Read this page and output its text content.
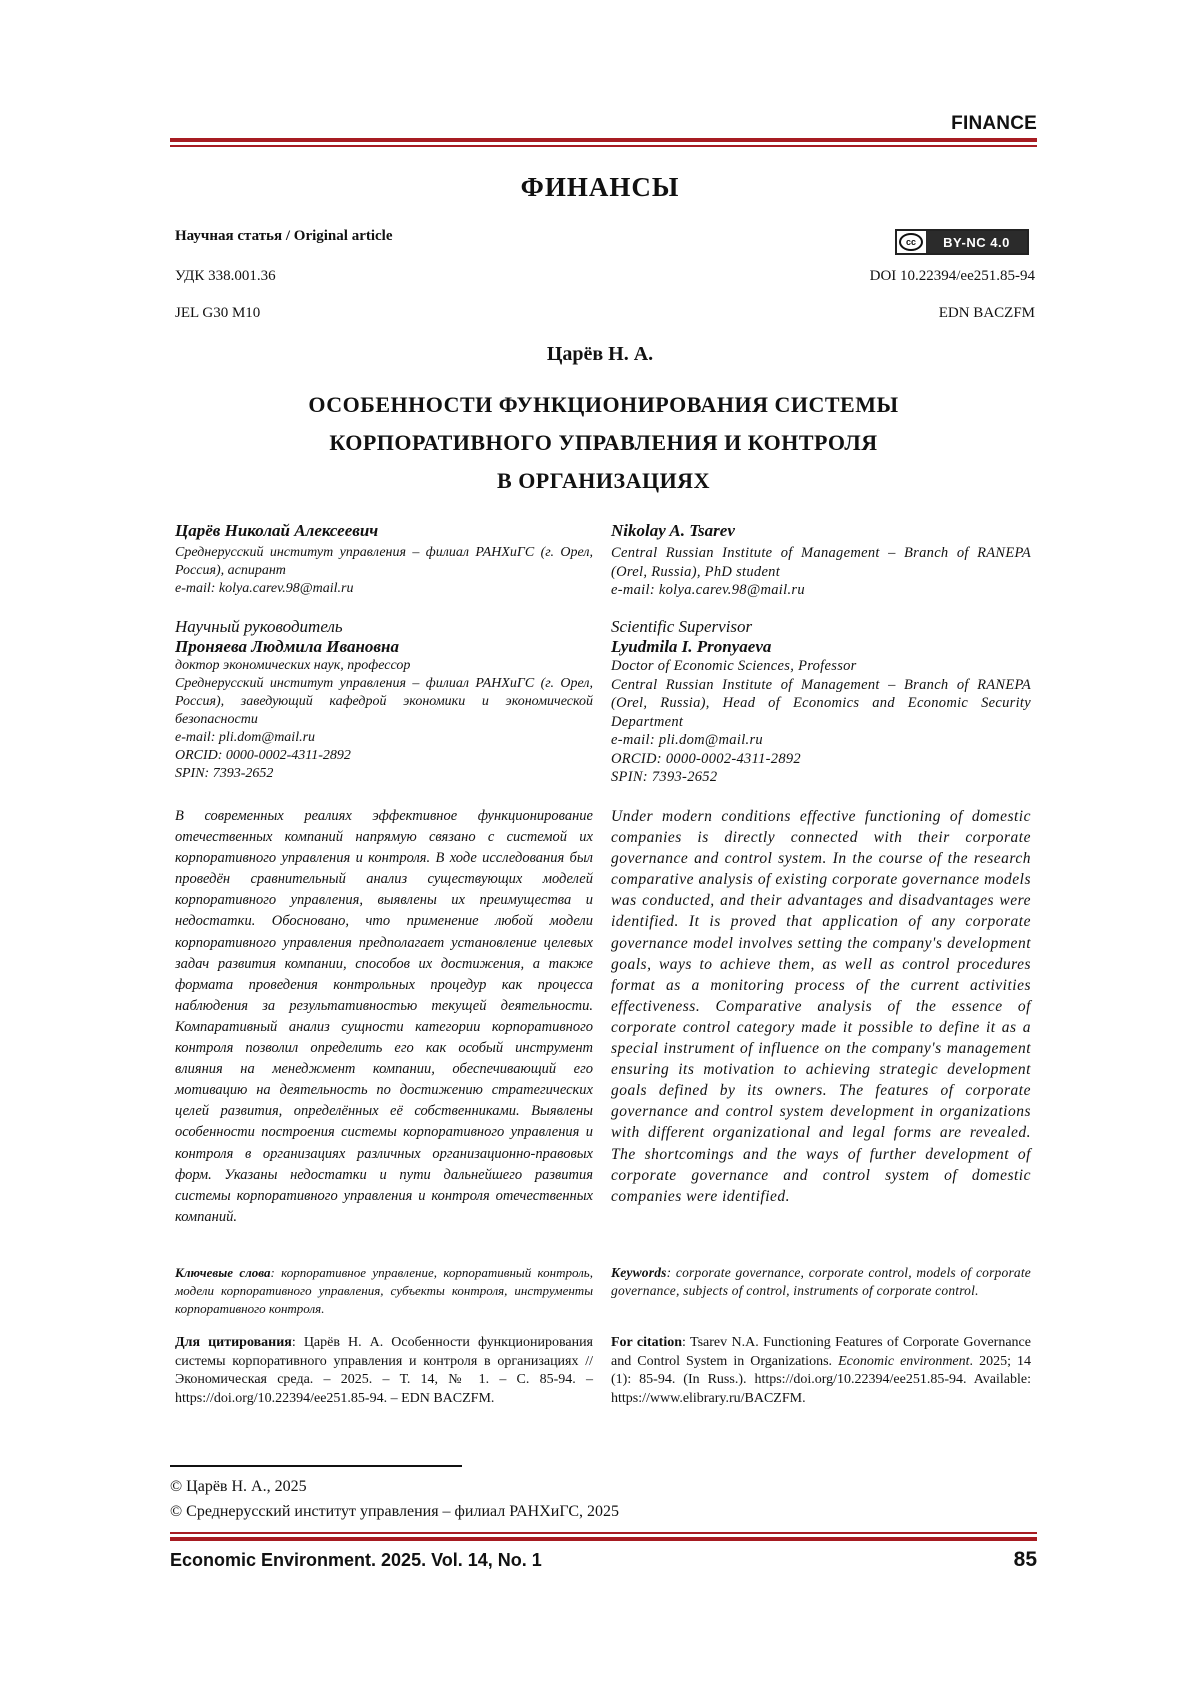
FINANCE
ФИНАНСЫ
Научная статья / Original article	cc	BY-NC 4.0
УДК 338.001.36	DOI 10.22394/ee251.85-94
JEL G30 M10	EDN BACZFM
Царёв Н. А.
ОСОБЕННОСТИ ФУНКЦИОНИРОВАНИЯ СИСТЕМЫ
КОРПОРАТИВНОГО УПРАВЛЕНИЯ И КОНТРОЛЯ
В ОРГАНИЗАЦИЯХ
Царёв Николай Алексеевич
Среднерусский институт управления – филиал РАНХиГС (г. Орел, Россия), аспирант
e-mail: kolya.carev.98@mail.ru
Nikolay A. Tsarev
Central Russian Institute of Management – Branch of RANEPA (Orel, Russia), PhD student
e-mail: kolya.carev.98@mail.ru
Научный руководитель
Проняева Людмила Ивановна
доктор экономических наук, профессор
Среднерусский институт управления – филиал РАНХиГС (г. Орел, Россия), заведующий кафедрой экономики и экономической безопасности
e-mail: pli.dom@mail.ru
ORCID: 0000-0002-4311-2892
SPIN: 7393-2652
Scientific Supervisor
Lyudmila I. Pronyaeva
Doctor of Economic Sciences, Professor
Central Russian Institute of Management – Branch of RANEPA (Orel, Russia), Head of Economics and Economic Security Department
e-mail: pli.dom@mail.ru
ORCID: 0000-0002-4311-2892
SPIN: 7393-2652
В современных реалиях эффективное функционирование отечественных компаний напрямую связано с системой их корпоративного управления и контроля. В ходе исследования был проведён сравнительный анализ существующих моделей корпоративного управления, выявлены их преимущества и недостатки. Обосновано, что применение любой модели корпоративного управления предполагает установление целевых задач развития компании, способов их достижения, а также формата проведения контрольных процедур как процесса наблюдения за результативностью текущей деятельности. Компаративный анализ сущности категории корпоративного контроля позволил определить его как особый инструмент влияния на менеджмент компании, обеспечивающий его мотивацию на деятельность по достижению стратегических целей развития, определённых её собственниками. Выявлены особенности построения системы корпоративного управления и контроля в организациях различных организационно-правовых форм. Указаны недостатки и пути дальнейшего развития системы корпоративного управления и контроля отечественных компаний.
Under modern conditions effective functioning of domestic companies is directly connected with their corporate governance and control system. In the course of the research comparative analysis of existing corporate governance models was conducted, and their advantages and disadvantages were identified. It is proved that application of any corporate governance model involves setting the company's development goals, ways to achieve them, as well as control procedures format as a monitoring process of the current activities effectiveness. Comparative analysis of the essence of corporate control category made it possible to define it as a special instrument of influence on the company's management ensuring its motivation to achieving strategic development goals defined by its owners. The features of corporate governance and control system development in organizations with different organizational and legal forms are revealed. The shortcomings and the ways of further development of corporate governance and control system of domestic companies were identified.
Ключевые слова: корпоративное управление, корпоративный контроль, модели корпоративного управления, субъекты контроля, инструменты корпоративного контроля.
Keywords: corporate governance, corporate control, models of corporate governance, subjects of control, instruments of corporate control.
Для цитирования: Царёв Н. А. Особенности функционирования системы корпоративного управления и контроля в организациях // Экономическая среда. – 2025. – Т. 14, № 1. – С. 85-94. – https://doi.org/10.22394/ee251.85-94. – EDN BACZFM.
For citation: Tsarev N.A. Functioning Features of Corporate Governance and Control System in Organizations. Economic environment. 2025; 14 (1): 85-94. (In Russ.). https://doi.org/10.22394/ee251.85-94. Available: https://www.elibrary.ru/BACZFM.
© Царёв Н. А., 2025
© Среднерусский институт управления – филиал РАНХиГС, 2025
Economic Environment. 2025. Vol. 14, No. 1	85
